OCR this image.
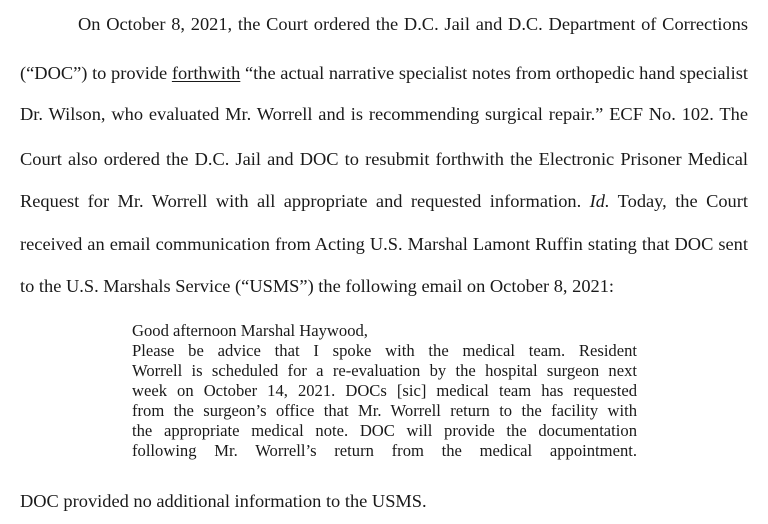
On October 8, 2021, the Court ordered the D.C. Jail and D.C. Department of Corrections
(“DOC”) to provide forthwith “the actual narrative specialist notes from orthopedic hand specialist
Dr. Wilson, who evaluated Mr. Worrell and is recommending surgical repair.” ECF No. 102. The
Court also ordered the D.C. Jail and DOC to resubmit forthwith the Electronic Prisoner Medical
Request for Mr. Worrell with all appropriate and requested information. Id. Today, the Court
received an email communication from Acting U.S. Marshal Lamont Ruffin stating that DOC sent
to the U.S. Marshals Service (“USMS”) the following email on October 8, 2021:
Good afternoon Marshal Haywood,
Please be advice that I spoke with the medical team. Resident
Worrell is scheduled for a re-evaluation by the hospital surgeon next
week on October 14, 2021. DOCs [sic] medical team has requested
from the surgeon’s office that Mr. Worrell return to the facility with
the appropriate medical note. DOC will provide the documentation
following Mr. Worrell’s return from the medical appointment.
DOC provided no additional information to the USMS.
